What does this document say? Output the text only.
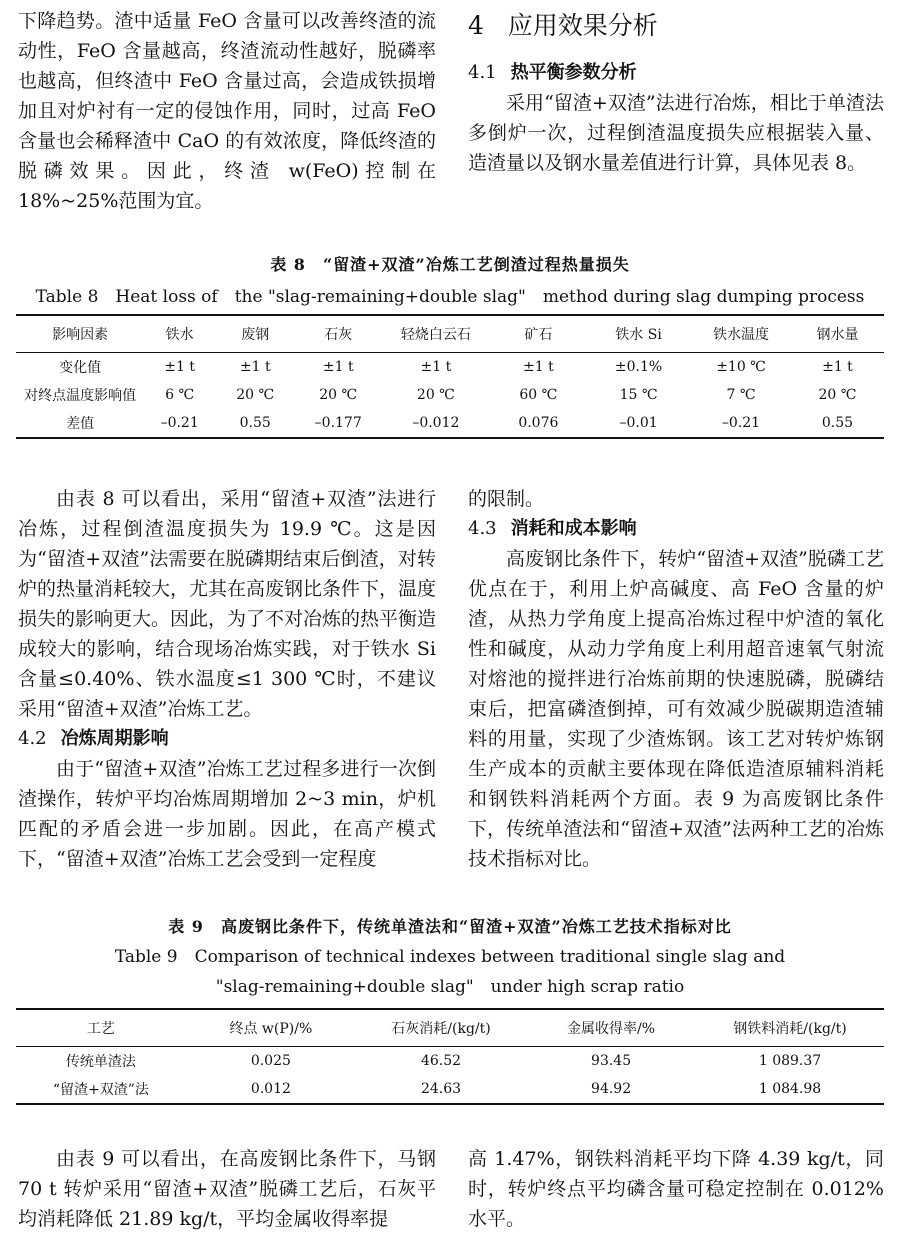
下降趋势。渣中适量 FeO 含量可以改善终渣的流动性，FeO 含量越高，终渣流动性越好，脱磷率也越高，但终渣中 FeO 含量过高，会造成铁损增加且对炉衬有一定的侵蚀作用，同时，过高 FeO 含量也会稀释渣中 CaO 的有效浓度，降低终渣的脱磷效果。因此，终渣 w(FeO)控制在 18%~25%范围为宜。

4 应用效果分析
4.1 热平衡参数分析

采用“留渣+双渣”法进行冶炼，相比于单渣法多倒炉一次，过程倒渣温度损失应根据装入量、造渣量以及钢水量差值进行计算，具体见表 8。

表 8　“留渣+双渣”冶炼工艺倒渣过程热量损失
Table 8　Heat loss of　the "slag-remaining+double slag"　method during slag dumping process
影响因素	铁水	废钢	石灰	轻烧白云石	矿石	铁水 Si	铁水温度	钢水量
变化值	±1 t	±1 t	±1 t	±1 t	±1 t	±0.1%	±10 ℃	±1 t
对终点温度影响值	6 ℃	20 ℃	20 ℃	20 ℃	60 ℃	15 ℃	7 ℃	20 ℃
差值	–0.21	0.55	–0.177	–0.012	0.076	–0.01	–0.21	0.55

由表 8 可以看出，采用“留渣+双渣”法进行冶炼，过程倒渣温度损失为 19.9 ℃。这是因为“留渣+双渣”法需要在脱磷期结束后倒渣，对转炉的热量消耗较大，尤其在高废钢比条件下，温度损失的影响更大。因此，为了不对冶炼的热平衡造成较大的影响，结合现场冶炼实践，对于铁水 Si 含量≤0.40%、铁水温度≤1 300 ℃时，不建议采用“留渣+双渣”冶炼工艺。

4.2 冶炼周期影响

由于“留渣+双渣”冶炼工艺过程多进行一次倒渣操作，转炉平均冶炼周期增加 2~3 min，炉机匹配的矛盾会进一步加剧。因此，在高产模式下，“留渣+双渣”冶炼工艺会受到一定程度

的限制。

4.3 消耗和成本影响

高废钢比条件下，转炉“留渣+双渣”脱磷工艺优点在于，利用上炉高碱度、高 FeO 含量的炉渣，从热力学角度上提高冶炼过程中炉渣的氧化性和碱度，从动力学角度上利用超音速氧气射流对熔池的搅拌进行冶炼前期的快速脱磷，脱磷结束后，把富磷渣倒掉，可有效减少脱碳期造渣辅料的用量，实现了少渣炼钢。该工艺对转炉炼钢生产成本的贡献主要体现在降低造渣原辅料消耗和钢铁料消耗两个方面。表 9 为高废钢比条件下，传统单渣法和“留渣+双渣”法两种工艺的冶炼技术指标对比。

表 9　高废钢比条件下，传统单渣法和“留渣+双渣”冶炼工艺技术指标对比
Table 9　Comparison of technical indexes between traditional single slag and
"slag-remaining+double slag"　under high scrap ratio
工艺	终点 w(P)/%	石灰消耗/(kg/t)	金属收得率/%	钢铁料消耗/(kg/t)
传统单渣法	0.025	46.52	93.45	1 089.37
“留渣+双渣”法	0.012	24.63	94.92	1 084.98

由表 9 可以看出，在高废钢比条件下，马钢 70 t 转炉采用“留渣+双渣”脱磷工艺后，石灰平均消耗降低 21.89 kg/t，平均金属收得率提

高 1.47%，钢铁料消耗平均下降 4.39 kg/t，同时，转炉终点平均磷含量可稳定控制在 0.012%水平。
